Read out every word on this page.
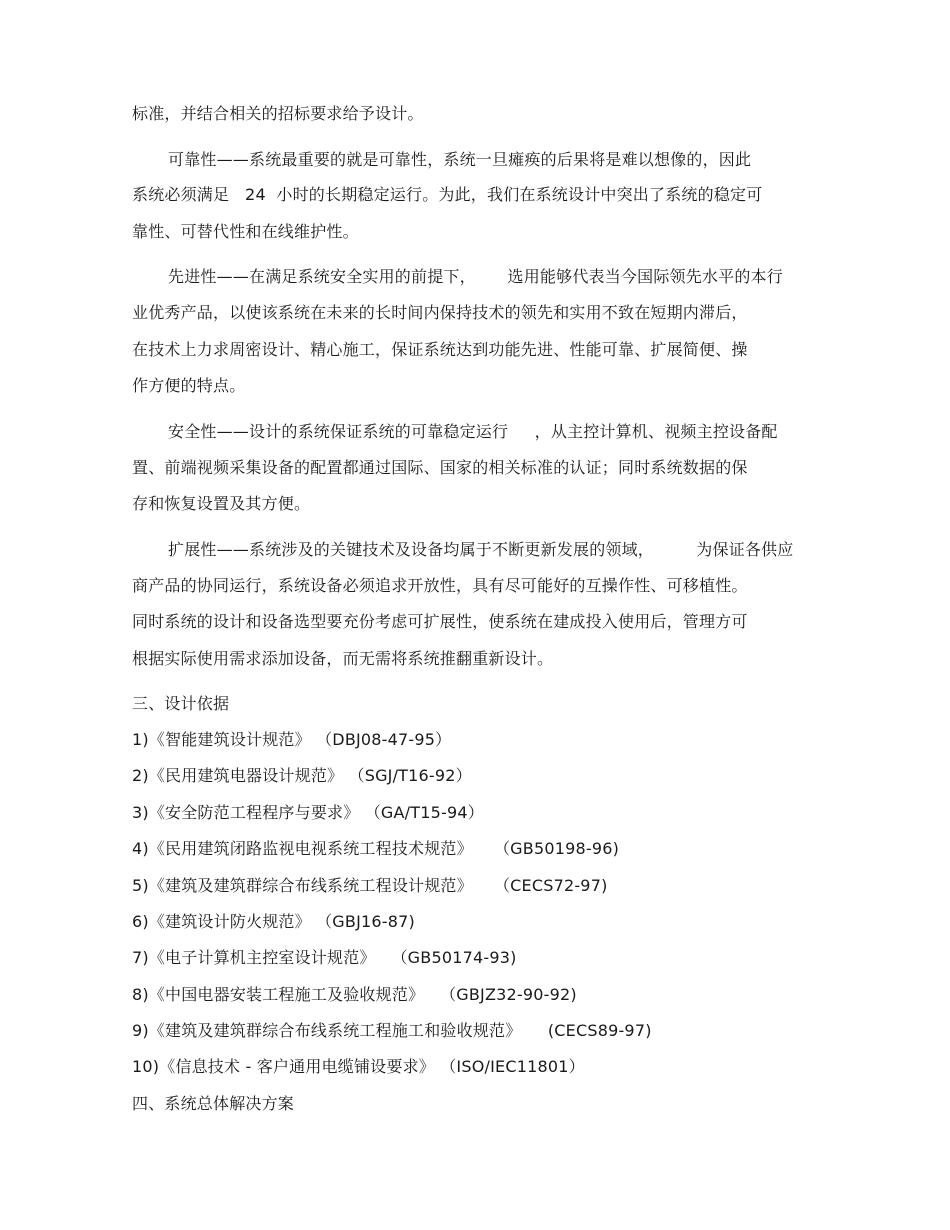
标准，并结合相关的招标要求给予设计。
可靠性——系统最重要的就是可靠性，系统一旦瘫痪的后果将是难以想像的，因此
系统必须满足   24  小时的长期稳定运行。为此，我们在系统设计中突出了系统的稳定可
靠性、可替代性和在线维护性。
先进性——在满足系统安全实用的前提下，      选用能够代表当今国际领先水平的本行
业优秀产品，以使该系统在未来的长时间内保持技术的领先和实用不致在短期内滞后，
在技术上力求周密设计、精心施工，保证系统达到功能先进、性能可靠、扩展简便、操
作方便的特点。
安全性——设计的系统保证系统的可靠稳定运行     ，从主控计算机、视频主控设备配
置、前端视频采集设备的配置都通过国际、国家的相关标准的认证；同时系统数据的保
存和恢复设置及其方便。
扩展性——系统涉及的关键技术及设备均属于不断更新发展的领域，        为保证各供应
商产品的协同运行，系统设备必须追求开放性，具有尽可能好的互操作性、可移植性。
同时系统的设计和设备选型要充份考虑可扩展性，使系统在建成投入使用后，管理方可
根据实际使用需求添加设备，而无需将系统推翻重新设计。
三、设计依据
1)《智能建筑设计规范》 （DBJ08-47-95）
2)《民用建筑电器设计规范》 （SGJ/T16-92）
3)《安全防范工程程序与要求》 （GA/T15-94）
4)《民用建筑闭路监视电视系统工程技术规范》    （GB50198-96)
5)《建筑及建筑群综合布线系统工程设计规范》    （CECS72-97)
6)《建筑设计防火规范》 （GBJ16-87)
7)《电子计算机主控室设计规范》   （GB50174-93)
8)《中国电器安装工程施工及验收规范》   （GBJZ32-90-92)
9)《建筑及建筑群综合布线系统工程施工和验收规范》     (CECS89-97)
10)《信息技术 - 客户通用电缆铺设要求》 （ISO/IEC11801）
四、系统总体解决方案
